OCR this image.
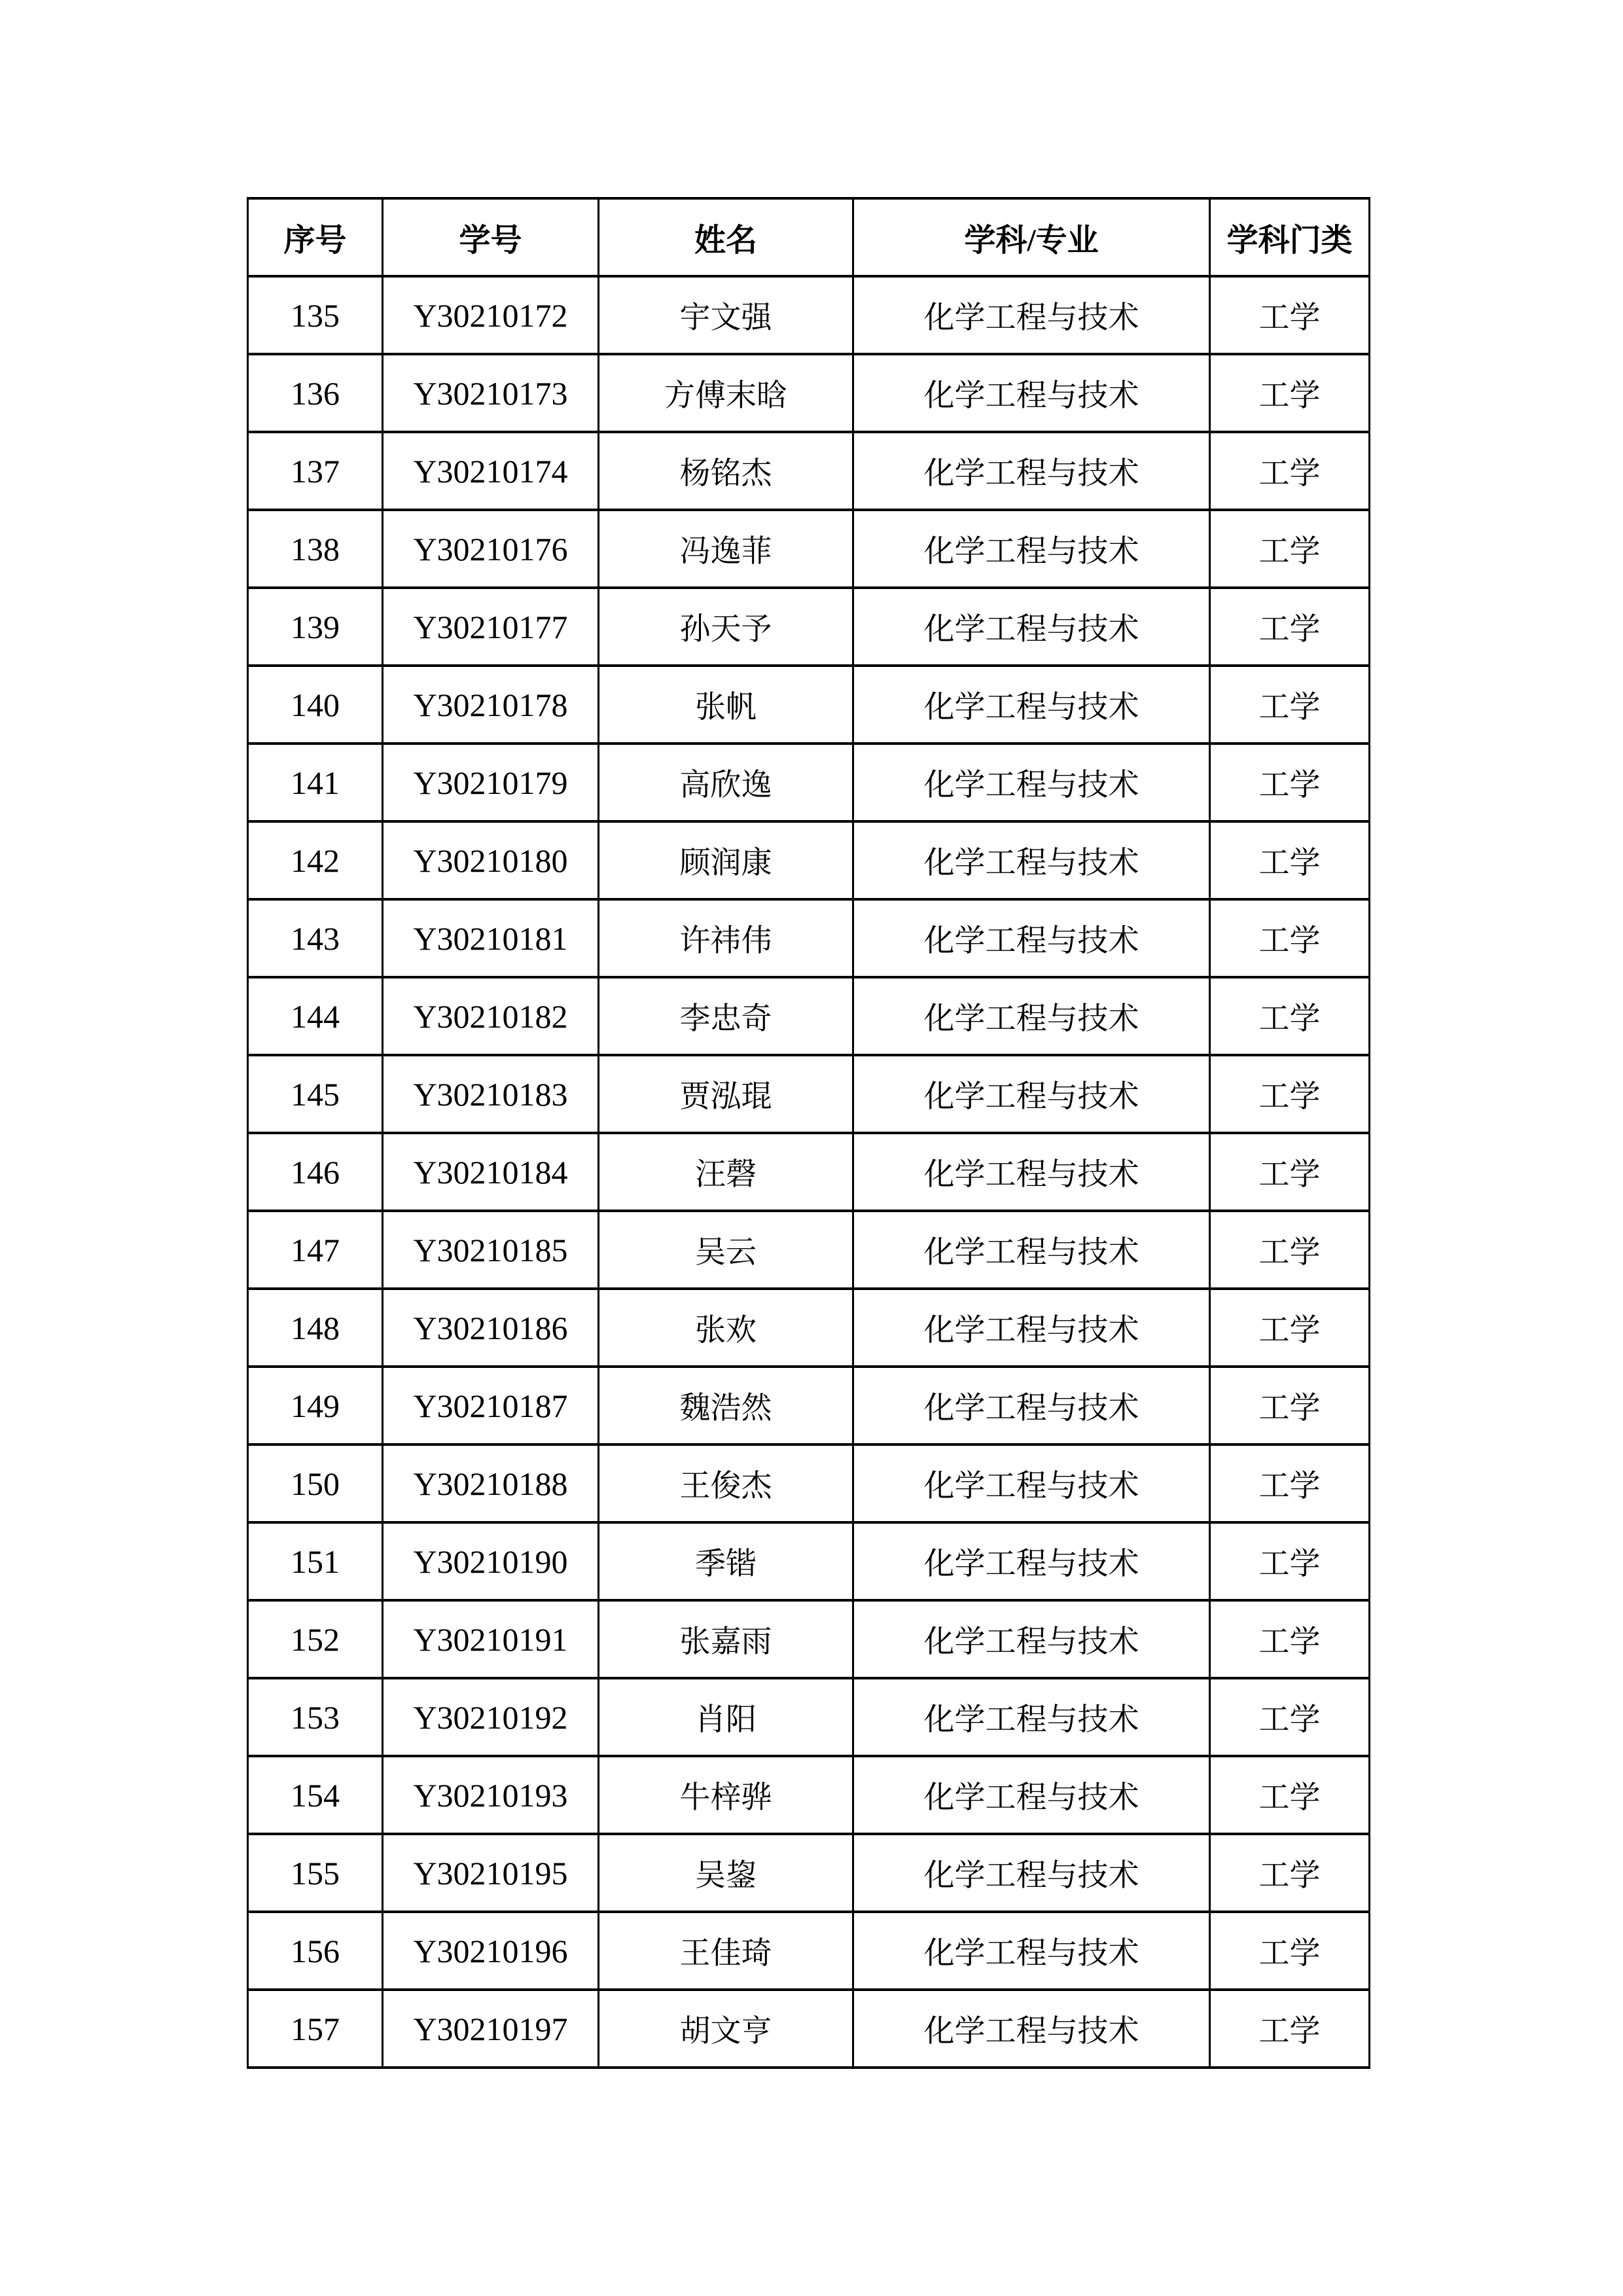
序号	学号	姓名	学科/专业	学科门类
135	Y30210172	宇文强	化学工程与技术	工学
136	Y30210173	方傅末晗	化学工程与技术	工学
137	Y30210174	杨铭杰	化学工程与技术	工学
138	Y30210176	冯逸菲	化学工程与技术	工学
139	Y30210177	孙天予	化学工程与技术	工学
140	Y30210178	张帆	化学工程与技术	工学
141	Y30210179	高欣逸	化学工程与技术	工学
142	Y30210180	顾润康	化学工程与技术	工学
143	Y30210181	许祎伟	化学工程与技术	工学
144	Y30210182	李忠奇	化学工程与技术	工学
145	Y30210183	贾泓琨	化学工程与技术	工学
146	Y30210184	汪磬	化学工程与技术	工学
147	Y30210185	吴云	化学工程与技术	工学
148	Y30210186	张欢	化学工程与技术	工学
149	Y30210187	魏浩然	化学工程与技术	工学
150	Y30210188	王俊杰	化学工程与技术	工学
151	Y30210190	季锴	化学工程与技术	工学
152	Y30210191	张嘉雨	化学工程与技术	工学
153	Y30210192	肖阳	化学工程与技术	工学
154	Y30210193	牛梓骅	化学工程与技术	工学
155	Y30210195	吴鋆	化学工程与技术	工学
156	Y30210196	王佳琦	化学工程与技术	工学
157	Y30210197	胡文亨	化学工程与技术	工学
